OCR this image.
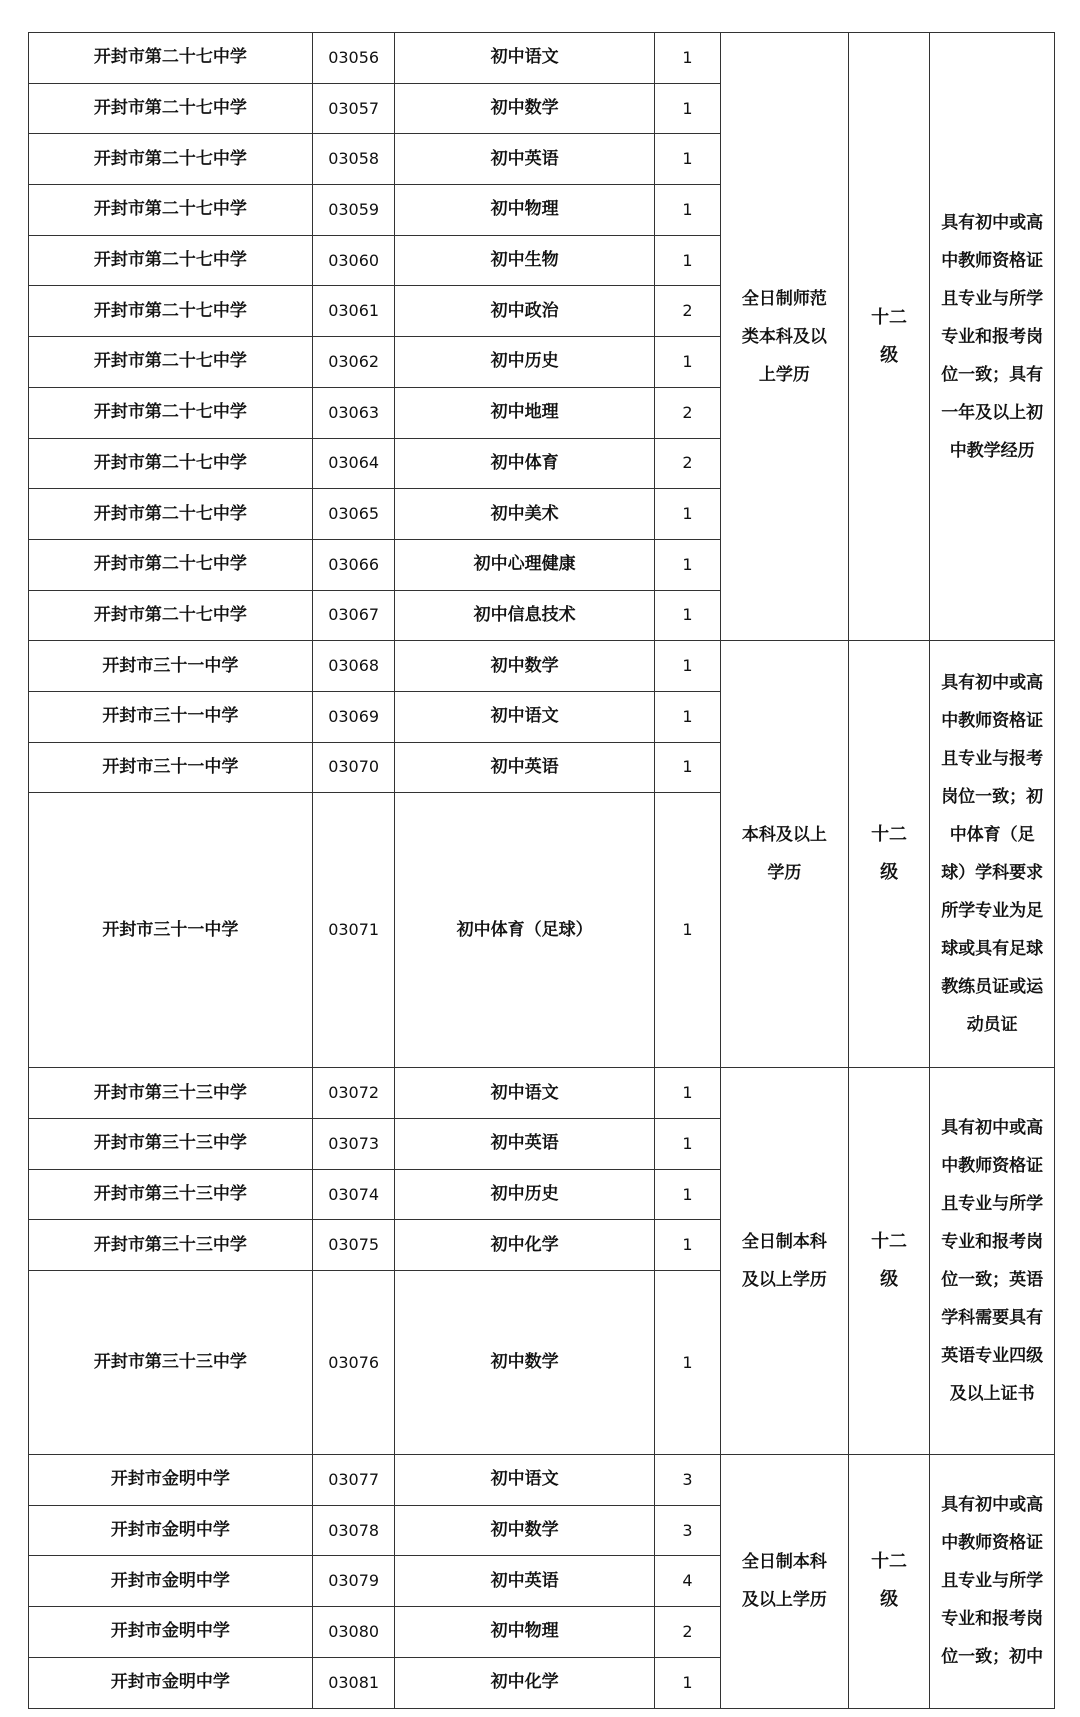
开封市第二十七中学	03056	初中语文	1	全日制师范类本科及以上学历	十二级	具有初中或高中教师资格证且专业与所学专业和报考岗位一致；具有一年及以上初中教学经历

开封市第二十七中学	03057	初中数学	1			
开封市第二十七中学	03058	初中英语	1			
开封市第二十七中学	03059	初中物理	1			
开封市第二十七中学	03060	初中生物	1			
开封市第二十七中学	03061	初中政治	2			
开封市第二十七中学	03062	初中历史	1			
开封市第二十七中学	03063	初中地理	2			
开封市第二十七中学	03064	初中体育	2			
开封市第二十七中学	03065	初中美术	1			
开封市第二十七中学	03066	初中心理健康	1			
开封市第二十七中学	03067	初中信息技术	1			
开封市三十一中学	03068	初中数学	1	本科及以上学历	十二级	具有初中或高中教师资格证且专业与报考岗位一致；初中体育（足球）学科要求所学专业为足球或具有足球教练员证或运动员证

开封市三十一中学	03069	初中语文	1			
开封市三十一中学	03070	初中英语	1			
开封市三十一中学	03071	初中体育（足球）	1			
开封市第三十三中学	03072	初中语文	1	全日制本科及以上学历	十二级	具有初中或高中教师资格证且专业与所学专业和报考岗位一致；英语学科需要具有英语专业四级及以上证书

开封市第三十三中学	03073	初中英语	1			
开封市第三十三中学	03074	初中历史	1			
开封市第三十三中学	03075	初中化学	1			
开封市第三十三中学	03076	初中数学	1			
开封市金明中学	03077	初中语文	3	全日制本科及以上学历	十二级	具有初中或高中教师资格证且专业与所学专业和报考岗位一致；初中

开封市金明中学	03078	初中数学	3			
开封市金明中学	03079	初中英语	4			
开封市金明中学	03080	初中物理	2			
开封市金明中学	03081	初中化学	1			
